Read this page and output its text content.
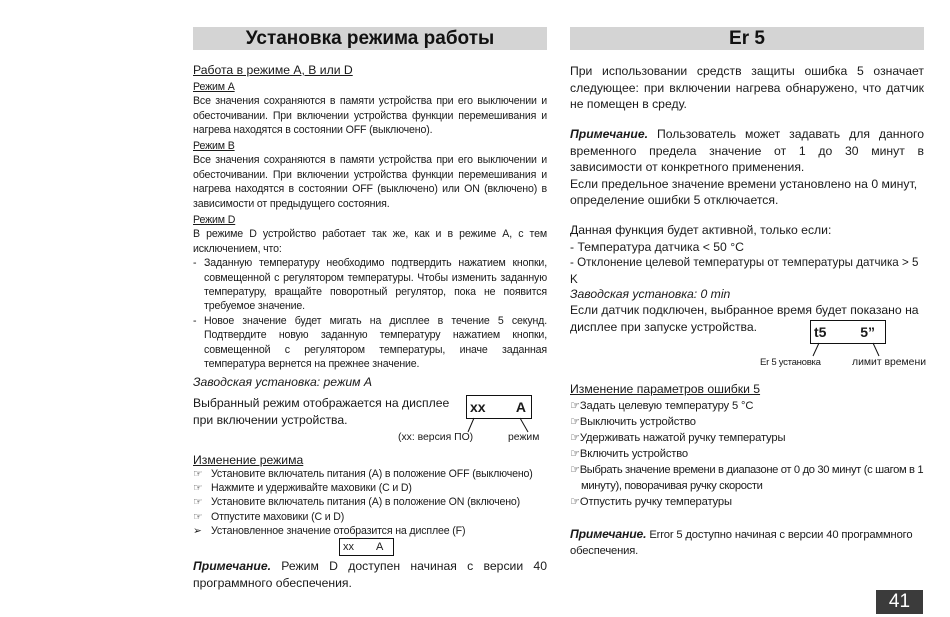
Установка режима работы
Работа в режиме A, B или D
Режим A
Все значения сохраняются в памяти устройства при его выключении и обесточивании. При включении устройства функции перемешивания и нагрева находятся в состоянии OFF (выключено).
Режим B
Все значения сохраняются в памяти устройства при его выключении и обесточивании. При включении устройства функции перемешивания и нагрева находятся в состоянии OFF (выключено) или ON (включено) в зависимости от предыдущего состояния.
Режим D
В режиме D устройство работает так же, как и в режиме A, с тем исключением, что:
- Заданную температуру необходимо подтвердить нажатием кнопки, совмещенной с регулятором температуры. Чтобы изменить заданную температуру, вращайте поворотный регулятор, пока не появится требуемое значение.
- Новое значение будет мигать на дисплее в течение 5 секунд. Подтвердите новую заданную температуру нажатием кнопки, совмещенной с регулятором температуры, иначе заданная температура вернется на прежнее значение.
Заводская установка: режим A
Выбранный режим отображается на дисплее при включении устройства.
xx A
(xx: версия ПО)	режим
Изменение режима
☞ Установите включатель питания (A) в положение OFF (выключено)
☞ Нажмите и удерживайте маховики (C и D)
☞ Установите включатель питания (A) в положение ON (включено)
☞ Отпустите маховики (C и D)
➢ Установленное значение отобразится на дисплее (F)
xx A
Примечание. Режим D доступен начиная с версии 40 программного обеспечения.
Er 5
При использовании средств защиты ошибка 5 означает следующее: при включении нагрева обнаружено, что датчик не помещен в среду.
Примечание. Пользователь может задавать для данного временного предела значение от 1 до 30 минут в зависимости от конкретного применения.
Если предельное значение времени установлено на 0 минут, определение ошибки 5 отключается.
Данная функция будет активной, только если:
- Температура датчика < 50 °C
- Отклонение целевой температуры от температуры датчика > 5 K
Заводская установка: 0 min
Если датчик подключен, выбранное время будет показано на дисплее при запуске устройства.	t5 5”
Er 5 установка	лимит времени
Изменение параметров ошибки 5
☞Задать целевую температуру 5 °C
☞Выключить устройство
☞Удерживать нажатой ручку температуры
☞Включить устройство
☞Выбрать значение времени в диапазоне от 0 до 30 минут (с шагом в 1 минуту), поворачивая ручку скорости
☞Отпустить ручку температуры
Примечание. Error 5 доступно начиная с версии 40 программного обеспечения.
41
